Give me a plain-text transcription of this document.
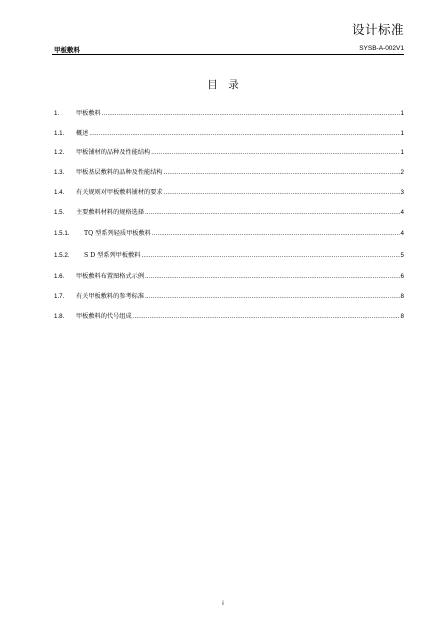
设计标准
甲板敷料	SYSB-A-002V1
目　录
1.	甲板敷料 .....	1
1.1.	概述 .....	1
1.2.	甲板铺材的品种及性能结构 .....	1
1.3.	甲板基层敷料的品种及性能结构 .....	2
1.4.	有关规则对甲板敷料铺材的要求 .....	3
1.5.	主要敷料材料的规格选择 .....	4
1.5.1.	TQ 型系列轻质甲板敷料 .....	4
1.5.2.	S D 型系列甲板敷料 .....	5
1.6.	甲板敷料布置图格式示例 .....	6
1.7.	有关甲板敷料的参考标准 .....	8
1.8.	甲板敷料的代号组成 .....	8
i
